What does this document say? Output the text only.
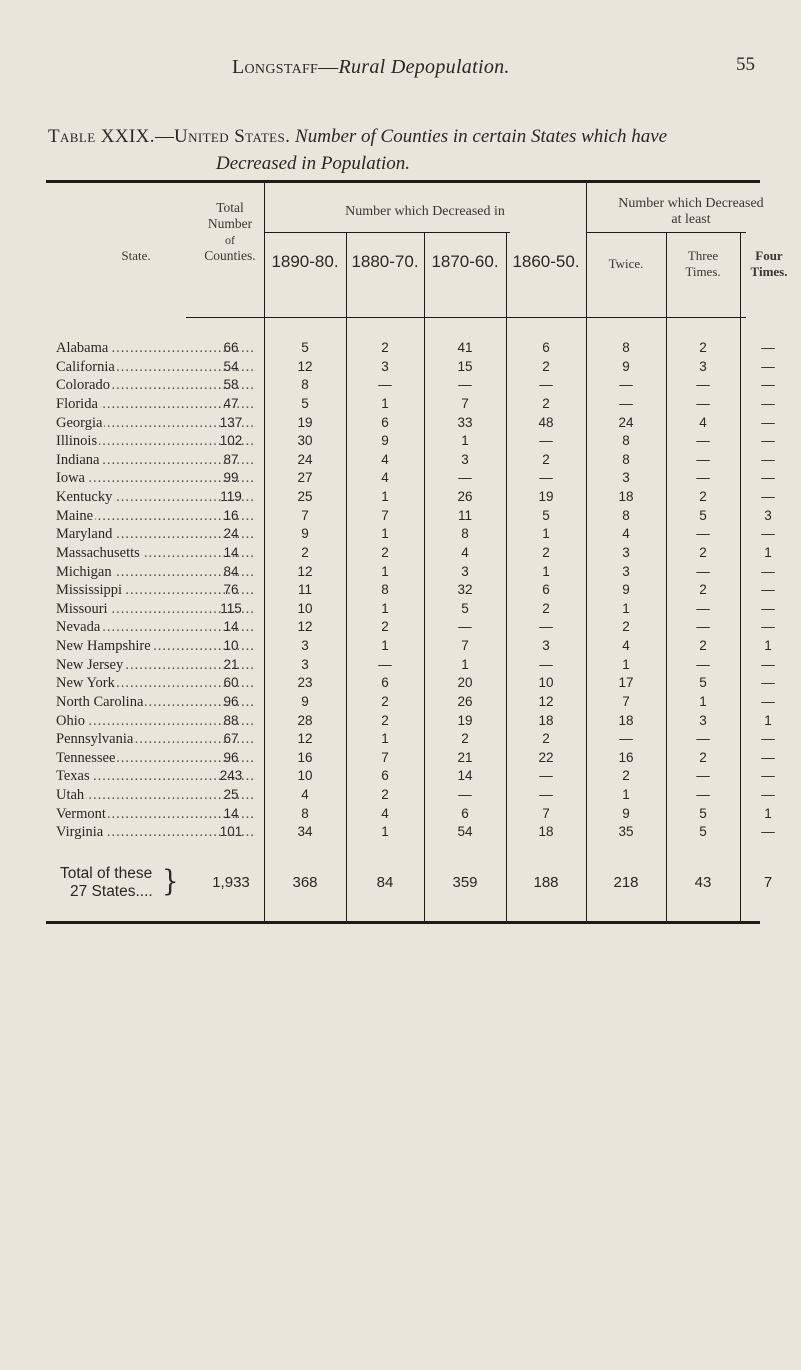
Longstaff—Rural Depopulation.	55
Table XXIX.—United States. Number of Counties in certain States which have
Decreased in Population.
State.
Total
Number
of
Counties.
Number which Decreased in
Number which Decreased
at least
1890-80. 1880-70. 1870-60. 1860-50.	Twice.
Three Times.
Four Times.
Alabama .....	66	5	2	41	6	8	2	—
California .....	54	12	3	15	2	9	3	—
Colorado .....	58	8	—	—	—	—	—	—
Florida .....	47	5	1	7	2	—	—	—
Georgia .....	137	19	6	33	48	24	4	—
Illinois .....	102	30	9	1	—	8	—	—
Indiana .....	87	24	4	3	2	8	—	—
Iowa .....	99	27	4	—	—	3	—	—
Kentucky .....	119	25	1	26	19	18	2	—
Maine .....	16	7	7	11	5	8	5	3
Maryland .....	24	9	1	8	1	4	—	—
Massachusetts .....	14	2	2	4	2	3	2	1
Michigan .....	84	12	1	3	1	3	—	—
Mississippi .....	76	11	8	32	6	9	2	—
Missouri .....	115	10	1	5	2	1	—	—
Nevada .....	14	12	2	—	—	2	—	—
New Hampshire .....	10	3	1	7	3	4	2	1
New Jersey .....	21	3	—	1	—	1	—	—
New York .....	60	23	6	20	10	17	5	—
North Carolina .....	96	9	2	26	12	7	1	—
Ohio .....	88	28	2	19	18	18	3	1
Pennsylvania .....	67	12	1	2	2	—	—	—
Tennessee .....	96	16	7	21	22	16	2	—
Texas .....	243	10	6	14	—	2	—	—
Utah .....	25	4	2	—	—	1	—	—
Vermont .....	14	8	4	6	7	9	5	1
Virginia .....	101	34	1	54	18	35	5	—
Total of these
27 States.... }	1,933	368	84	359	188	218	43	7
